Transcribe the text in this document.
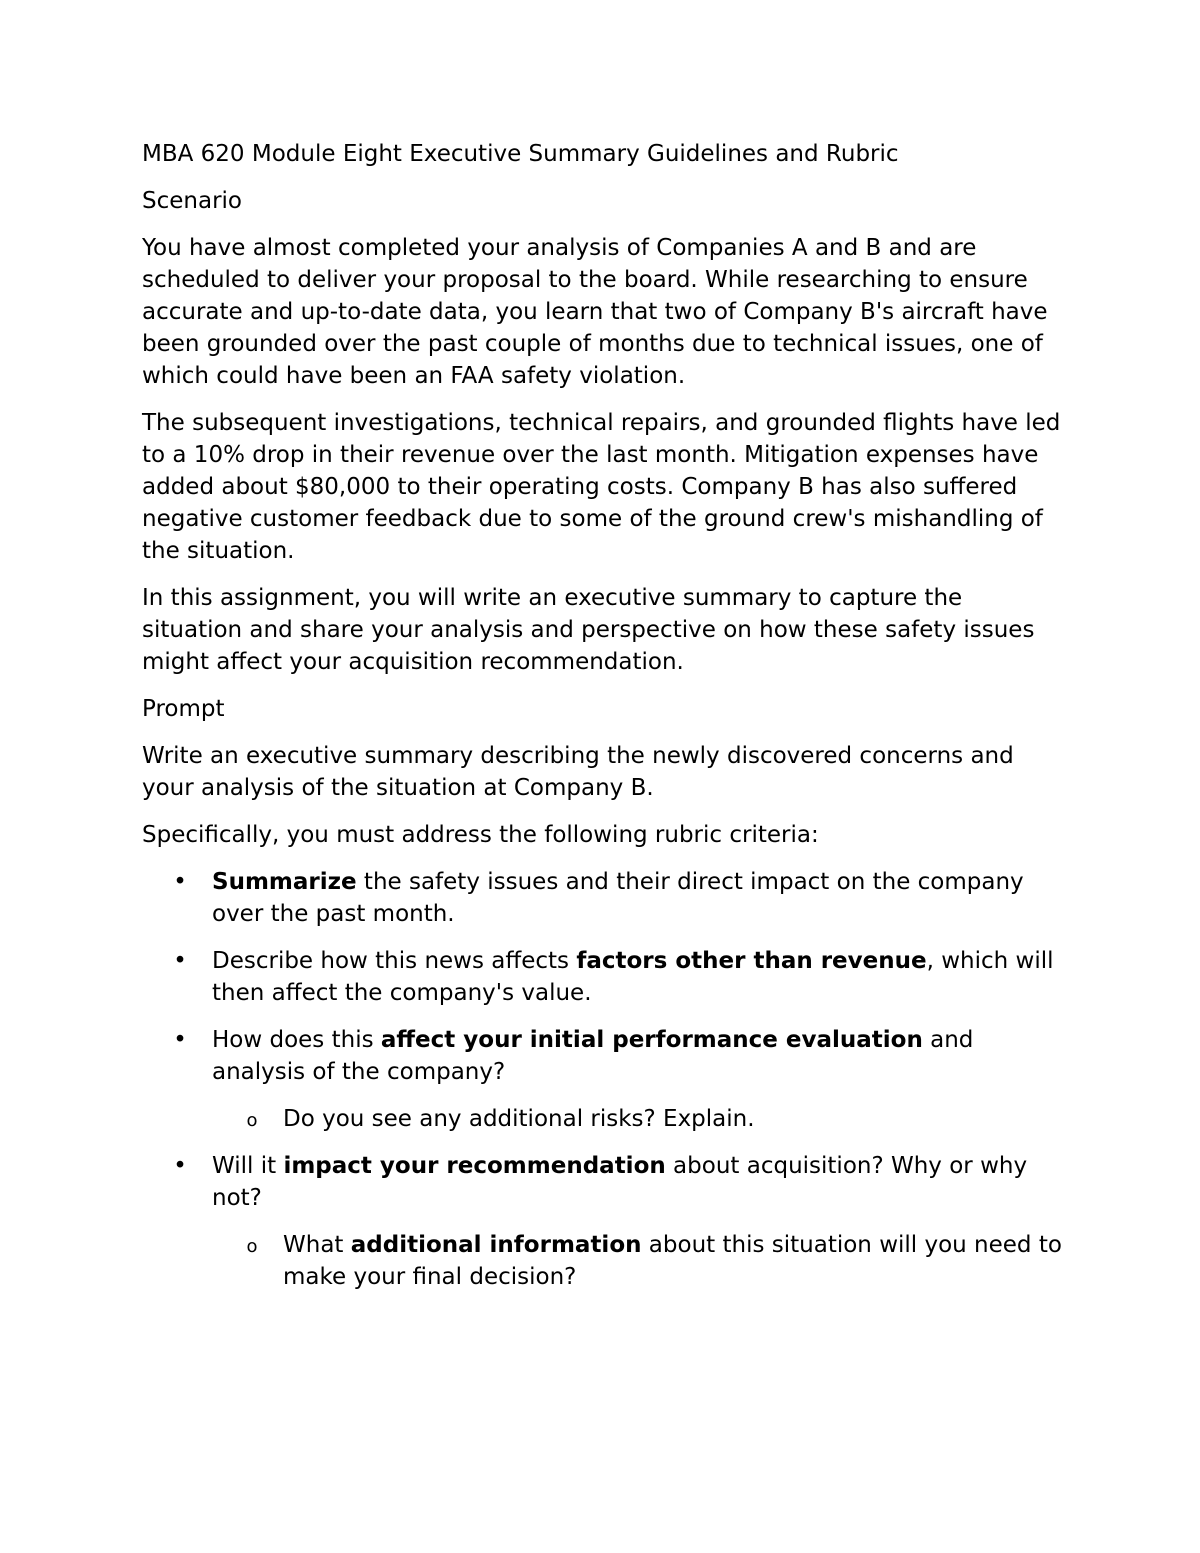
MBA 620 Module Eight Executive Summary Guidelines and Rubric
Scenario
You have almost completed your analysis of Companies A and B and are scheduled to deliver your proposal to the board. While researching to ensure accurate and up-to-date data, you learn that two of Company B's aircraft have been grounded over the past couple of months due to technical issues, one of which could have been an FAA safety violation.
The subsequent investigations, technical repairs, and grounded flights have led to a 10% drop in their revenue over the last month. Mitigation expenses have added about $80,000 to their operating costs. Company B has also suffered negative customer feedback due to some of the ground crew's mishandling of the situation.
In this assignment, you will write an executive summary to capture the situation and share your analysis and perspective on how these safety issues might affect your acquisition recommendation.
Prompt
Write an executive summary describing the newly discovered concerns and your analysis of the situation at Company B.
Specifically, you must address the following rubric criteria:
• Summarize the safety issues and their direct impact on the company over the past month.
• Describe how this news affects factors other than revenue, which will then affect the company's value.
• How does this affect your initial performance evaluation and analysis of the company?
o Do you see any additional risks? Explain.
• Will it impact your recommendation about acquisition? Why or why not?
o What additional information about this situation will you need to make your final decision?
